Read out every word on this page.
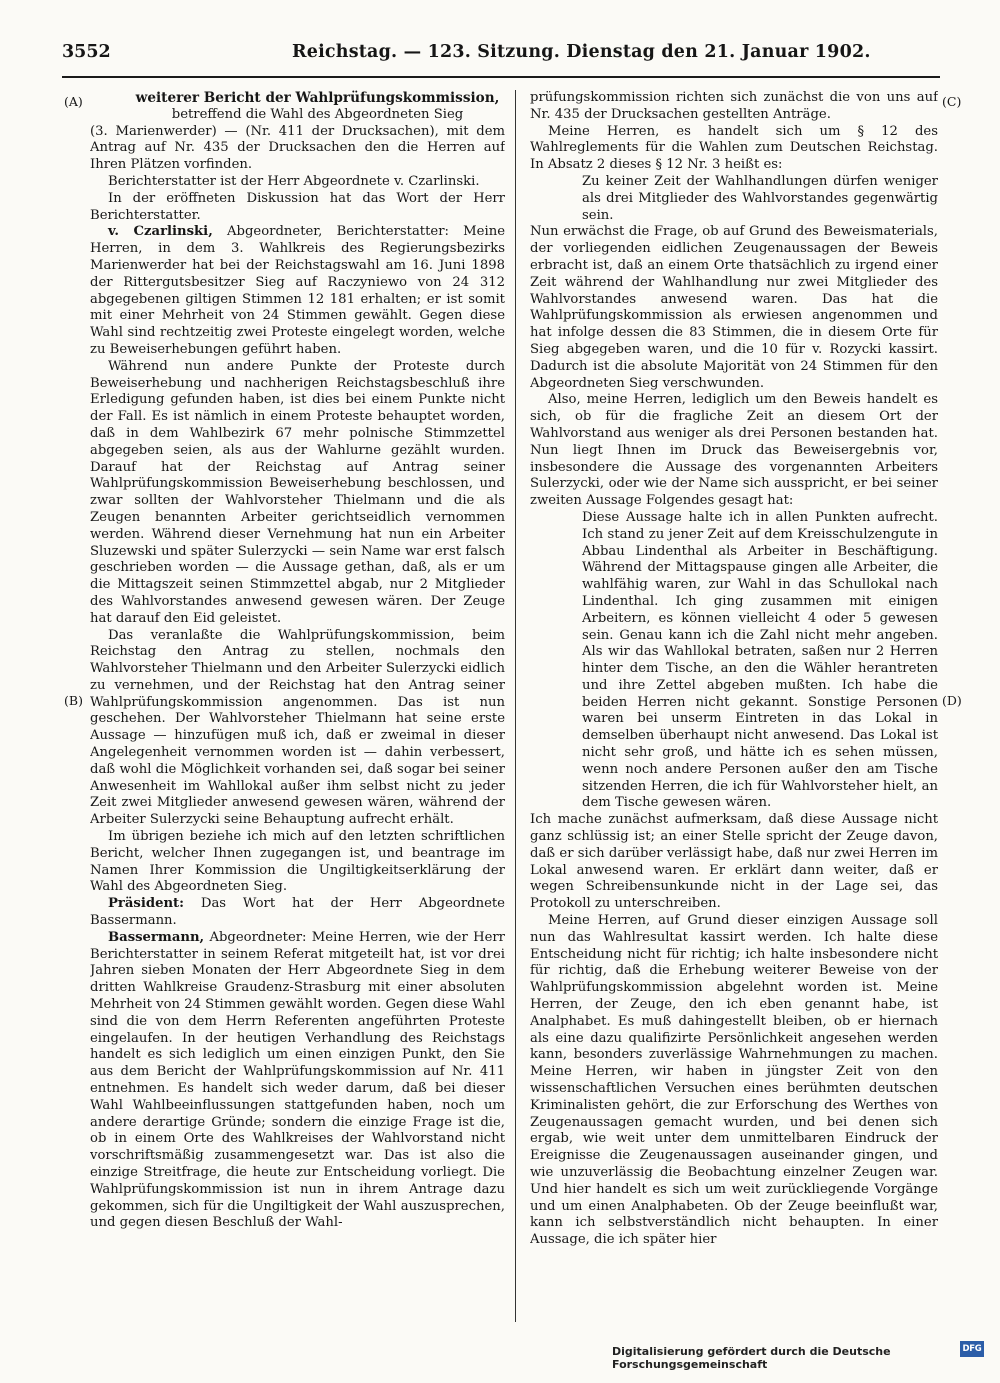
3552	Reichstag. — 123. Sitzung. Dienstag den 21. Januar 1902.
(A)
(B)
(C)
(D)

weiterer Bericht der Wahlprüfungskommission,

betreffend die Wahl des Abgeordneten Sieg

(3. Marienwerder) — (Nr. 411 der Drucksachen), mit dem Antrag auf Nr. 435 der Drucksachen den die Herren auf Ihren Plätzen vorfinden.

Berichterstatter ist der Herr Abgeordnete v. Czarlinski.

In der eröffneten Diskussion hat das Wort der Herr Berichterstatter.

v. Czarlinski, Abgeordneter, Berichterstatter: Meine Herren, in dem 3. Wahlkreis des Regierungsbezirks Marienwerder hat bei der Reichstagswahl am 16. Juni 1898 der Rittergutsbesitzer Sieg auf Raczyniewo von 24 312 abgegebenen giltigen Stimmen 12 181 erhalten; er ist somit mit einer Mehrheit von 24 Stimmen gewählt. Gegen diese Wahl sind rechtzeitig zwei Proteste eingelegt worden, welche zu Beweiserhebungen geführt haben.

Während nun andere Punkte der Proteste durch Beweiserhebung und nachherigen Reichstagsbeschluß ihre Erledigung gefunden haben, ist dies bei einem Punkte nicht der Fall. Es ist nämlich in einem Proteste behauptet worden, daß in dem Wahlbezirk 67 mehr polnische Stimmzettel abgegeben seien, als aus der Wahlurne gezählt wurden. Darauf hat der Reichstag auf Antrag seiner Wahlprüfungskommission Beweiserhebung beschlossen, und zwar sollten der Wahlvorsteher Thielmann und die als Zeugen benannten Arbeiter gerichtseidlich vernommen werden. Während dieser Vernehmung hat nun ein Arbeiter Sluzewski und später Sulerzycki — sein Name war erst falsch geschrieben worden — die Aussage gethan, daß, als er um die Mittagszeit seinen Stimmzettel abgab, nur 2 Mitglieder des Wahlvorstandes anwesend gewesen wären. Der Zeuge hat darauf den Eid geleistet.

Das veranlaßte die Wahlprüfungskommission, beim Reichstag den Antrag zu stellen, nochmals den Wahlvorsteher Thielmann und den Arbeiter Sulerzycki eidlich zu vernehmen, und der Reichstag hat den Antrag seiner Wahlprüfungskommission angenommen. Das ist nun geschehen. Der Wahlvorsteher Thielmann hat seine erste Aussage — hinzufügen muß ich, daß er zweimal in dieser Angelegenheit vernommen worden ist — dahin verbessert, daß wohl die Möglichkeit vorhanden sei, daß sogar bei seiner Anwesenheit im Wahllokal außer ihm selbst nicht zu jeder Zeit zwei Mitglieder anwesend gewesen wären, während der Arbeiter Sulerzycki seine Behauptung aufrecht erhält.

Im übrigen beziehe ich mich auf den letzten schriftlichen Bericht, welcher Ihnen zugegangen ist, und beantrage im Namen Ihrer Kommission die Ungiltigkeitserklärung der Wahl des Abgeordneten Sieg.

Präsident: Das Wort hat der Herr Abgeordnete Bassermann.

Bassermann, Abgeordneter: Meine Herren, wie der Herr Berichterstatter in seinem Referat mitgeteilt hat, ist vor drei Jahren sieben Monaten der Herr Abgeordnete Sieg in dem dritten Wahlkreise Graudenz-Strasburg mit einer absoluten Mehrheit von 24 Stimmen gewählt worden. Gegen diese Wahl sind die von dem Herrn Referenten angeführten Proteste eingelaufen. In der heutigen Verhandlung des Reichstags handelt es sich lediglich um einen einzigen Punkt, den Sie aus dem Bericht der Wahlprüfungskommission auf Nr. 411 entnehmen. Es handelt sich weder darum, daß bei dieser Wahl Wahlbeeinflussungen stattgefunden haben, noch um andere derartige Gründe; sondern die einzige Frage ist die, ob in einem Orte des Wahlkreises der Wahlvorstand nicht vorschriftsmäßig zusammengesetzt war. Das ist also die einzige Streitfrage, die heute zur Entscheidung vorliegt. Die Wahlprüfungskommission ist nun in ihrem Antrage dazu gekommen, sich für die Ungiltigkeit der Wahl auszusprechen, und gegen diesen Beschluß der Wahl-

prüfungskommission richten sich zunächst die von uns auf Nr. 435 der Drucksachen gestellten Anträge.

Meine Herren, es handelt sich um § 12 des Wahlreglements für die Wahlen zum Deutschen Reichstag. In Absatz 2 dieses § 12 Nr. 3 heißt es:

Zu keiner Zeit der Wahlhandlungen dürfen weniger als drei Mitglieder des Wahlvorstandes gegenwärtig sein.

Nun erwächst die Frage, ob auf Grund des Beweismaterials, der vorliegenden eidlichen Zeugenaussagen der Beweis erbracht ist, daß an einem Orte thatsächlich zu irgend einer Zeit während der Wahlhandlung nur zwei Mitglieder des Wahlvorstandes anwesend waren. Das hat die Wahlprüfungskommission als erwiesen angenommen und hat infolge dessen die 83 Stimmen, die in diesem Orte für Sieg abgegeben waren, und die 10 für v. Rozycki kassirt. Dadurch ist die absolute Majorität von 24 Stimmen für den Abgeordneten Sieg verschwunden.

Also, meine Herren, lediglich um den Beweis handelt es sich, ob für die fragliche Zeit an diesem Ort der Wahlvorstand aus weniger als drei Personen bestanden hat. Nun liegt Ihnen im Druck das Beweisergebnis vor, insbesondere die Aussage des vorgenannten Arbeiters Sulerzycki, oder wie der Name sich ausspricht, er bei seiner zweiten Aussage Folgendes gesagt hat:

Diese Aussage halte ich in allen Punkten aufrecht. Ich stand zu jener Zeit auf dem Kreisschulzengute in Abbau Lindenthal als Arbeiter in Beschäftigung. Während der Mittagspause gingen alle Arbeiter, die wahlfähig waren, zur Wahl in das Schullokal nach Lindenthal. Ich ging zusammen mit einigen Arbeitern, es können vielleicht 4 oder 5 gewesen sein. Genau kann ich die Zahl nicht mehr angeben. Als wir das Wahllokal betraten, saßen nur 2 Herren hinter dem Tische, an den die Wähler herantreten und ihre Zettel abgeben mußten. Ich habe die beiden Herren nicht gekannt. Sonstige Personen waren bei unserm Eintreten in das Lokal in demselben überhaupt nicht anwesend. Das Lokal ist nicht sehr groß, und hätte ich es sehen müssen, wenn noch andere Personen außer den am Tische sitzenden Herren, die ich für Wahlvorsteher hielt, an dem Tische gewesen wären.

Ich mache zunächst aufmerksam, daß diese Aussage nicht ganz schlüssig ist; an einer Stelle spricht der Zeuge davon, daß er sich darüber verlässigt habe, daß nur zwei Herren im Lokal anwesend waren. Er erklärt dann weiter, daß er wegen Schreibensunkunde nicht in der Lage sei, das Protokoll zu unterschreiben.

Meine Herren, auf Grund dieser einzigen Aussage soll nun das Wahlresultat kassirt werden. Ich halte diese Entscheidung nicht für richtig; ich halte insbesondere nicht für richtig, daß die Erhebung weiterer Beweise von der Wahlprüfungskommission abgelehnt worden ist. Meine Herren, der Zeuge, den ich eben genannt habe, ist Analphabet. Es muß dahingestellt bleiben, ob er hiernach als eine dazu qualifizirte Persönlichkeit angesehen werden kann, besonders zuverlässige Wahrnehmungen zu machen. Meine Herren, wir haben in jüngster Zeit von den wissenschaftlichen Versuchen eines berühmten deutschen Kriminalisten gehört, die zur Erforschung des Werthes von Zeugenaussagen gemacht wurden, und bei denen sich ergab, wie weit unter dem unmittelbaren Eindruck der Ereignisse die Zeugenaussagen auseinander gingen, und wie unzuverlässig die Beobachtung einzelner Zeugen war. Und hier handelt es sich um weit zurückliegende Vorgänge und um einen Analphabeten. Ob der Zeuge beeinflußt war, kann ich selbstverständlich nicht behaupten. In einer Aussage, die ich später hier

Digitalisierung gefördert durch die Deutsche Forschungsgemeinschaft
DFG
